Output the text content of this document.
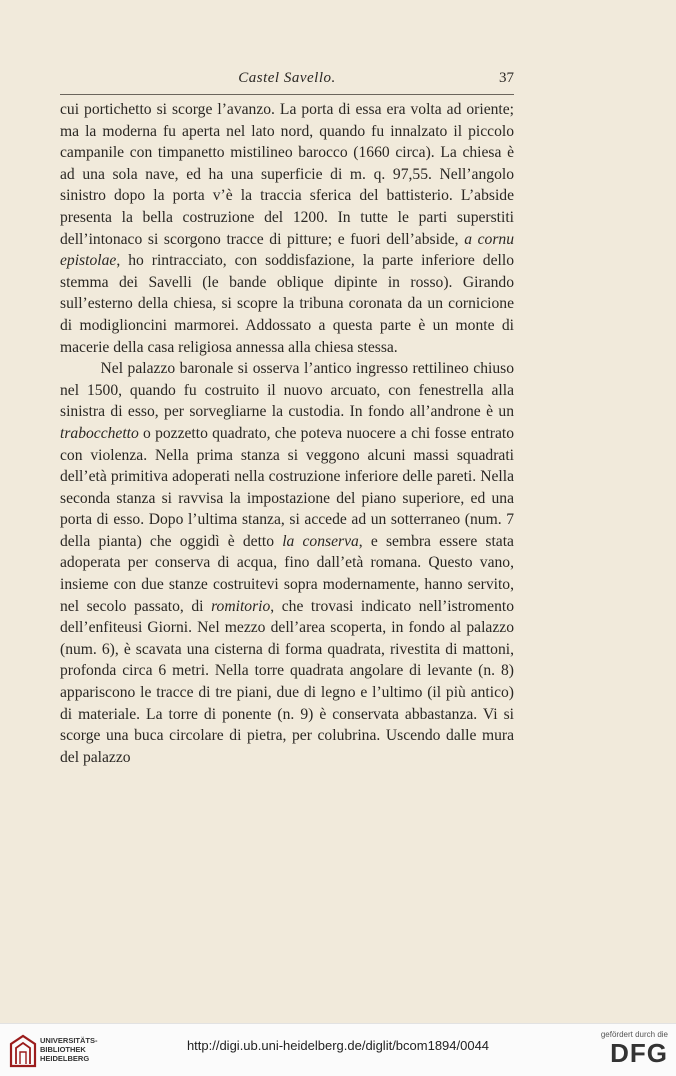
Castel Savello.	37

cui portichetto si scorge l’avanzo. La porta di essa era volta ad oriente; ma la moderna fu aperta nel lato nord, quando fu innalzato il piccolo campanile con timpanetto mistilineo barocco (1660 circa). La chiesa è ad una sola nave, ed ha una superficie di m. q. 97,55. Nell’angolo sinistro dopo la porta v’è la traccia sferica del battisterio. L’abside presenta la bella costruzione del 1200. In tutte le parti superstiti dell’intonaco si scorgono tracce di pitture; e fuori dell’abside, a cornu epistolae, ho rintracciato, con soddisfazione, la parte inferiore dello stemma dei Savelli (le bande oblique dipinte in rosso). Girando sull’esterno della chiesa, si scopre la tribuna coronata da un cornicione di modiglioncini marmorei. Addossato a questa parte è un monte di macerie della casa religiosa annessa alla chiesa stessa.

Nel palazzo baronale si osserva l’antico ingresso rettilineo chiuso nel 1500, quando fu costruito il nuovo arcuato, con fenestrella alla sinistra di esso, per sorvegliarne la custodia. In fondo all’androne è un trabocchetto o pozzetto quadrato, che poteva nuocere a chi fosse entrato con violenza. Nella prima stanza si veggono alcuni massi squadrati dell’età primitiva adoperati nella costruzione inferiore delle pareti. Nella seconda stanza si ravvisa la impostazione del piano superiore, ed una porta di esso. Dopo l’ultima stanza, si accede ad un sotterraneo (num. 7 della pianta) che oggidì è detto la conserva, e sembra essere stata adoperata per conserva di acqua, fino dall’età romana. Questo vano, insieme con due stanze costruitevi sopra modernamente, hanno servito, nel secolo passato, di romitorio, che trovasi indicato nell’istromento dell’enfiteusi Giorni. Nel mezzo dell’area scoperta, in fondo al palazzo (num. 6), è scavata una cisterna di forma quadrata, rivestita di mattoni, profonda circa 6 metri. Nella torre quadrata angolare di levante (n. 8) appariscono le tracce di tre piani, due di legno e l’ultimo (il più antico) di materiale. La torre di ponente (n. 9) è conservata abbastanza. Vi si scorge una buca circolare di pietra, per colubrina. Uscendo dalle mura del palazzo

UNIVERSITÄTS-
BIBLIOTHEK
HEIDELBERG
http://digi.ub.uni-heidelberg.de/diglit/bcom1894/0044
gefördert durch die
DFG
